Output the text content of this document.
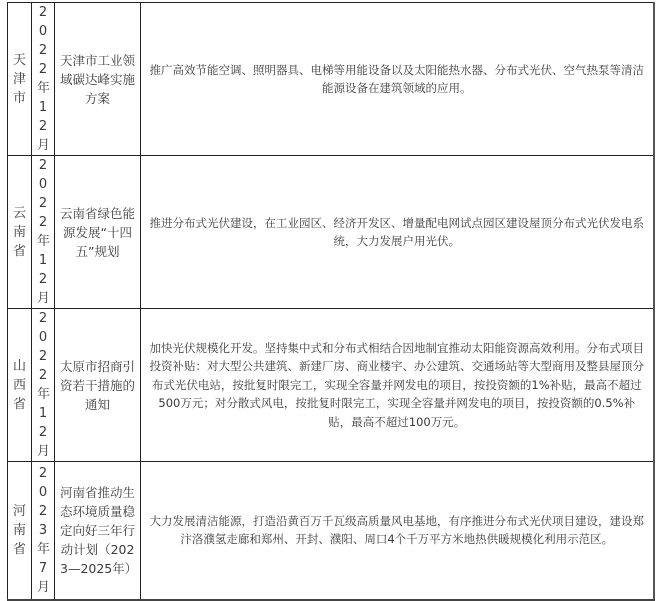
天津市	2022年12月	天津市工业领域碳达峰实施方案	推广高效节能空调、照明器具、电梯等用能设备以及太阳能热水器、分布式光伏、空气热泵等清洁能源设备在建筑领域的应用。

云南省	2022年12月	云南省绿色能源发展“十四五”规划	推进分布式光伏建设，在工业园区、经济开发区、增量配电网试点园区建设屋顶分布式光伏发电系统，大力发展户用光伏。

山西省	2022年12月	太原市招商引资若干措施的通知	加快光伏规模化开发。坚持集中式和分布式相结合因地制宜推动太阳能资源高效利用。分布式项目投资补贴：对大型公共建筑、新建厂房、商业楼宇、办公建筑、交通场站等大型商用及整县屋顶分布式光伏电站，按批复时限完工，实现全容量并网发电的项目，按投资额的1%补贴，最高不超过500万元；对分散式风电，按批复时限完工，实现全容量并网发电的项目，按投资额的0.5%补贴，最高不超过100万元。

河南省	2023年7月	河南省推动生态环境质量稳定向好三年行动计划（2023—2025年）	大力发展清洁能源，打造沿黄百万千瓦级高质量风电基地，有序推进分布式光伏项目建设，建设郑汴洛濮氢走廊和郑州、开封、濮阳、周口4个千万平方米地热供暖规模化利用示范区。
